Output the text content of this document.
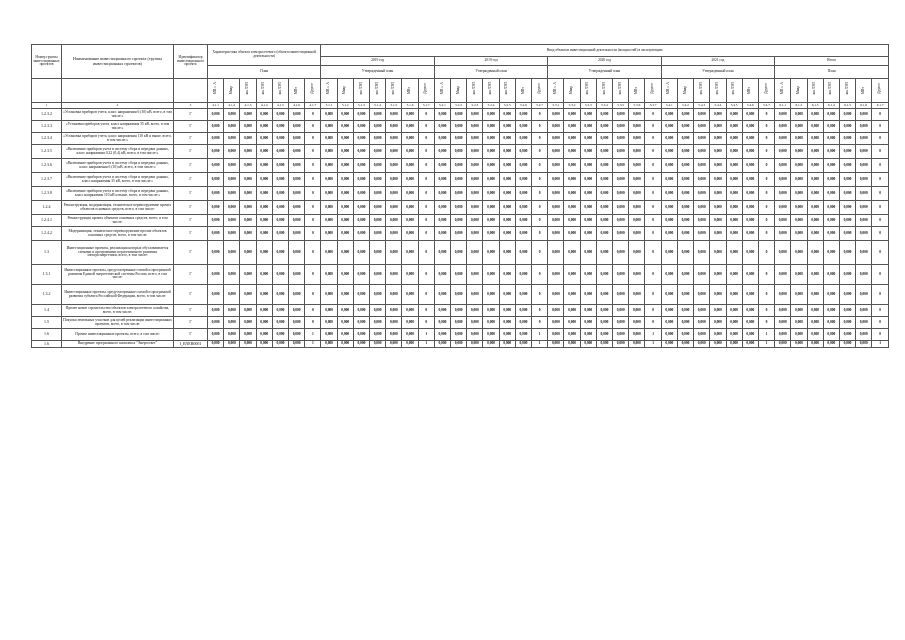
Номер группы инвестиционных проектов	Наименование инвестиционного проекта (группы инвестиционных проектов)	Идентификатор инвестиционного проекта	Характеристика объекта электросетевого (объекта инвестиционной деятельности)							Ввод объектов инвестиционной деятельности (мощностей) в эксплуатацию																																		
										2019 год							2019 год							2020 год							2021 год							Итого						
			План							Утвержденный план							Утвержденный план							Утвержденный план							Утвержденный план							План						
			МВ×А	Мвар	км ЛЭП	км ЛЭП	км ЛЭП	МВт	Другое	МВ×А	Мвар	км ЛЭП	км ЛЭП	км ЛЭП	МВт	Другое	МВ×А	Мвар	км ЛЭП	км ЛЭП	км ЛЭП	МВт	Другое	МВ×А	Мвар	км ЛЭП	км ЛЭП	км ЛЭП	МВт	Другое	МВ×А	Мвар	км ЛЭП	км ЛЭП	км ЛЭП	МВт	Другое	МВ×А	Мвар	км ЛЭП	км ЛЭП	км ЛЭП	МВт	Другое
1	2	3	4.1.1	4.1.2	4.1.3	4.1.4	4.1.5	4.1.6	4.1.7	5.1.1	5.1.2	5.1.3	5.1.4	5.1.5	5.1.6	5.1.7	5.2.1	5.2.2	5.2.3	5.2.4	5.2.5	5.2.6	5.2.7	5.3.1	5.3.2	5.3.3	5.3.4	5.3.5	5.3.6	5.3.7	5.4.1	5.4.2	5.4.3	5.4.4	5.4.5	5.4.6	5.4.7	6.1.1	6.1.2	6.1.3	6.1.4	6.1.5	6.1.6	6.1.7
1.2.3.2	«Установка приборов учета, класс напряжения 6 (10) кВ, всего, в том числе:»	Г	0,000	0,000	0,000	0,000	0,000	0,000	0	0,000	0,000	0,000	0,000	0,000	0,000	0	0,000	0,000	0,000	0,000	0,000	0,000	0	0,000	0,000	0,000	0,000	0,000	0,000	0	0,000	0,000	0,000	0,000	0,000	0,000	0	0,000	0,000	0,000	0,000	0,000	0,000	0
1.2.3.3	«Установка приборов учета, класс напряжения 35 кВ, всего, в том числе:»	Г	0,000	0,000	0,000	0,000	0,000	0,000	0	0,000	0,000	0,000	0,000	0,000	0,000	0	0,000	0,000	0,000	0,000	0,000	0,000	0	0,000	0,000	0,000	0,000	0,000	0,000	0	0,000	0,000	0,000	0,000	0,000	0,000	0	0,000	0,000	0,000	0,000	0,000	0,000	0
1.2.3.4	«Установка приборов учета, класс напряжения 110 кВ и выше, всего, в том числе:»	Г	0,000	0,000	0,000	0,000	0,000	0,000	0	0,000	0,000	0,000	0,000	0,000	0,000	0	0,000	0,000	0,000	0,000	0,000	0,000	0	0,000	0,000	0,000	0,000	0,000	0,000	0	0,000	0,000	0,000	0,000	0,000	0,000	0	0,000	0,000	0,000	0,000	0,000	0,000	0
1.2.3.5	«Включение приборов учета в систему сбора и передачи данных, класс напряжения 0,22 (0,4) кВ, всего, в том числе:»	Г	0,000	0,000	0,000	0,000	0,000	0,000	0	0,000	0,000	0,000	0,000	0,000	0,000	0	0,000	0,000	0,000	0,000	0,000	0,000	0	0,000	0,000	0,000	0,000	0,000	0,000	0	0,000	0,000	0,000	0,000	0,000	0,000	0	0,000	0,000	0,000	0,000	0,000	0,000	0
1.2.3.6	«Включение приборов учета в систему сбора и передачи данных, класс напряжения 6 (10) кВ, всего, в том числе:»	Г	0,000	0,000	0,000	0,000	0,000	0,000	0	0,000	0,000	0,000	0,000	0,000	0,000	0	0,000	0,000	0,000	0,000	0,000	0,000	0	0,000	0,000	0,000	0,000	0,000	0,000	0	0,000	0,000	0,000	0,000	0,000	0,000	0	0,000	0,000	0,000	0,000	0,000	0,000	0
1.2.3.7	«Включение приборов учета в систему сбора и передачи данных, класс напряжения 35 кВ, всего, в том числе:»	Г	0,000	0,000	0,000	0,000	0,000	0,000	0	0,000	0,000	0,000	0,000	0,000	0,000	0	0,000	0,000	0,000	0,000	0,000	0,000	0	0,000	0,000	0,000	0,000	0,000	0,000	0	0,000	0,000	0,000	0,000	0,000	0,000	0	0,000	0,000	0,000	0,000	0,000	0,000	0
1.2.3.8	«Включение приборов учета в систему сбора и передачи данных, класс напряжения 110 кВ и выше, всего, в том числе:»	Г	0,000	0,000	0,000	0,000	0,000	0,000	0	0,000	0,000	0,000	0,000	0,000	0,000	0	0,000	0,000	0,000	0,000	0,000	0,000	0	0,000	0,000	0,000	0,000	0,000	0,000	0	0,000	0,000	0,000	0,000	0,000	0,000	0	0,000	0,000	0,000	0,000	0,000	0,000	0
1.2.4	Реконструкция, модернизация, техническое перевооружение прочих объектов основных средств, всего, в том числе:	Г	0,000	0,000	0,000	0,000	0,000	0,000	0	0,000	0,000	0,000	0,000	0,000	0,000	0	0,000	0,000	0,000	0,000	0,000	0,000	0	0,000	0,000	0,000	0,000	0,000	0,000	0	0,000	0,000	0,000	0,000	0,000	0,000	0	0,000	0,000	0,000	0,000	0,000	0,000	0
1.2.4.1	Реконструкция прочих объектов основных средств, всего, в том числе:	Г	0,000	0,000	0,000	0,000	0,000	0,000	0	0,000	0,000	0,000	0,000	0,000	0,000	0	0,000	0,000	0,000	0,000	0,000	0,000	0	0,000	0,000	0,000	0,000	0,000	0,000	0	0,000	0,000	0,000	0,000	0,000	0,000	0	0,000	0,000	0,000	0,000	0,000	0,000	0
1.2.4.2	Модернизация, техническое перевооружение прочих объектов основных средств, всего, в том числе:	Г	0,000	0,000	0,000	0,000	0,000	0,000	0	0,000	0,000	0,000	0,000	0,000	0,000	0	0,000	0,000	0,000	0,000	0,000	0,000	0	0,000	0,000	0,000	0,000	0,000	0,000	0	0,000	0,000	0,000	0,000	0,000	0,000	0	0,000	0,000	0,000	0,000	0,000	0,000	0
1.3	Инвестиционные проекты, реализация которых обуславливается схемами и программами перспективного развития электроэнергетики, всего, в том числе:	Г	0,000	0,000	0,000	0,000	0,000	0,000	0	0,000	0,000	0,000	0,000	0,000	0,000	0	0,000	0,000	0,000	0,000	0,000	0,000	0	0,000	0,000	0,000	0,000	0,000	0,000	0	0,000	0,000	0,000	0,000	0,000	0,000	0	0,000	0,000	0,000	0,000	0,000	0,000	0
1.3.1	Инвестиционные проекты, предусмотренные схемой и программой развития Единой энергетической системы России, всего, в том числе:	Г	0,000	0,000	0,000	0,000	0,000	0,000	0	0,000	0,000	0,000	0,000	0,000	0,000	0	0,000	0,000	0,000	0,000	0,000	0,000	0	0,000	0,000	0,000	0,000	0,000	0,000	0	0,000	0,000	0,000	0,000	0,000	0,000	0	0,000	0,000	0,000	0,000	0,000	0,000	0
1.3.2	Инвестиционные проекты, предусмотренные схемой и программой развития субъекта Российской Федерации, всего, в том числе:	Г	0,000	0,000	0,000	0,000	0,000	0,000	0	0,000	0,000	0,000	0,000	0,000	0,000	0	0,000	0,000	0,000	0,000	0,000	0,000	0	0,000	0,000	0,000	0,000	0,000	0,000	0	0,000	0,000	0,000	0,000	0,000	0,000	0	0,000	0,000	0,000	0,000	0,000	0,000	0
1.4	Прочее новое строительство объектов электросетевого хозяйства, всего, в том числе:	Г	0,000	0,000	0,000	0,000	0,000	0,000	0	0,000	0,000	0,000	0,000	0,000	0,000	0	0,000	0,000	0,000	0,000	0,000	0,000	0	0,000	0,000	0,000	0,000	0,000	0,000	0	0,000	0,000	0,000	0,000	0,000	0,000	0	0,000	0,000	0,000	0,000	0,000	0,000	0
1.5	Покупка земельных участков для целей реализации инвестиционных проектов, всего, в том числе:	Г	0,000	0,000	0,000	0,000	0,000	0,000	0	0,000	0,000	0,000	0,000	0,000	0,000	0	0,000	0,000	0,000	0,000	0,000	0,000	0	0,000	0,000	0,000	0,000	0,000	0,000	0	0,000	0,000	0,000	0,000	0,000	0,000	0	0,000	0,000	0,000	0,000	0,000	0,000	0
1.6	Прочие инвестиционные проекты, всего, в том числе:	Г	0,000	0,000	0,000	0,000	0,000	0,000	1	0,000	0,000	0,000	0,000	0,000	0,000	1	0,000	0,000	0,000	0,000	0,000	0,000	1	0,000	0,000	0,000	0,000	0,000	0,000	1	0,000	0,000	0,000	0,000	0,000	0,000	1	0,000	0,000	0,000	0,000	0,000	0,000	0
1.6	Внедрение программного комплекса "Энергосвет"	I_ENER0001	0,000	0,000	0,000	0,000	0,000	0,000	1	0,000	0,000	0,000	0,000	0,000	0,000	1	0,000	0,000	0,000	0,000	0,000	0,000	1	0,000	0,000	0,000	0,000	0,000	0,000	1	0,000	0,000	0,000	0,000	0,000	0,000	1	0,000	0,000	0,000	0,000	0,000	0,000	1
